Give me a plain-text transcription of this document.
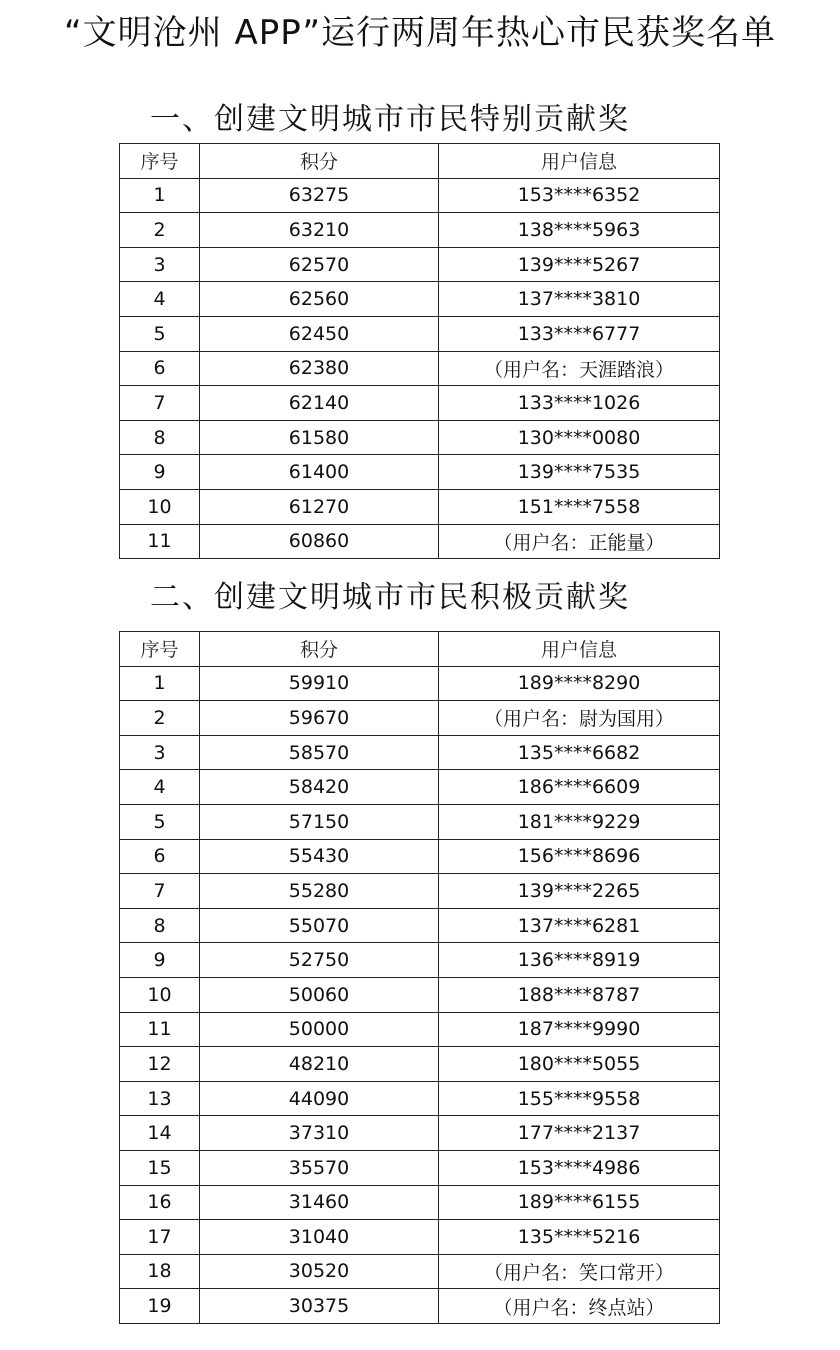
“文明沧州 APP”运行两周年热心市民获奖名单
一、创建文明城市市民特别贡献奖
序号	积分	用户信息
1	63275	153****6352
2	63210	138****5963
3	62570	139****5267
4	62560	137****3810
5	62450	133****6777
6	62380	（用户名：天涯踏浪）
7	62140	133****1026
8	61580	130****0080
9	61400	139****7535
10	61270	151****7558
11	60860	（用户名：正能量）
二、创建文明城市市民积极贡献奖
序号	积分	用户信息
1	59910	189****8290
2	59670	（用户名：尉为国用）
3	58570	135****6682
4	58420	186****6609
5	57150	181****9229
6	55430	156****8696
7	55280	139****2265
8	55070	137****6281
9	52750	136****8919
10	50060	188****8787
11	50000	187****9990
12	48210	180****5055
13	44090	155****9558
14	37310	177****2137
15	35570	153****4986
16	31460	189****6155
17	31040	135****5216
18	30520	（用户名：笑口常开）
19	30375	（用户名：终点站）
